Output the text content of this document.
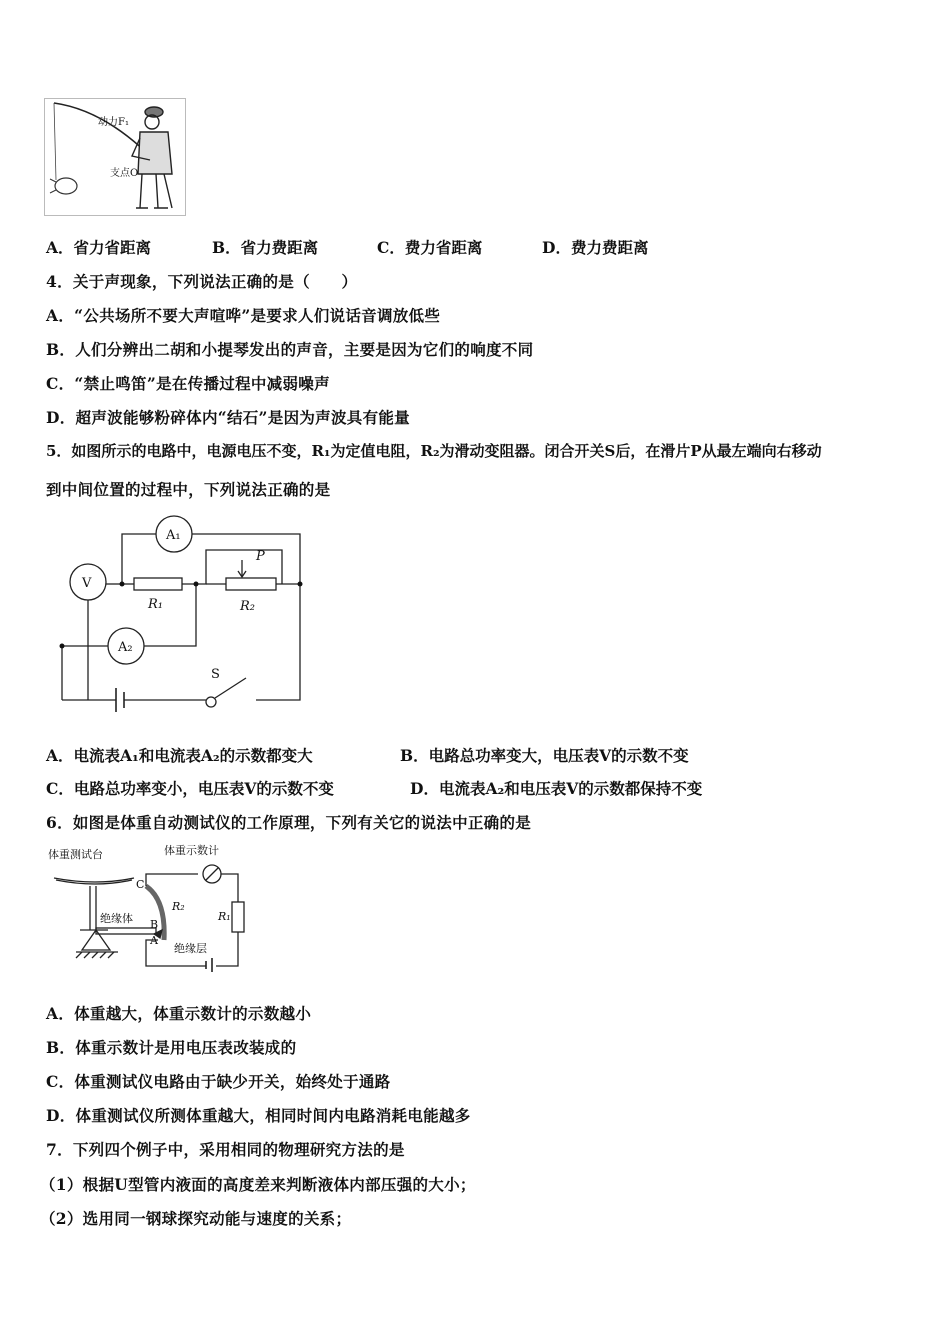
动力F₁
支点O
A．省力省距离	B．省力费距离	C．费力省距离	D．费力费距离
4．关于声现象，下列说法正确的是（　　）
A．“公共场所不要大声喧哗”是要求人们说话音调放低些
B．人们分辨出二胡和小提琴发出的声音，主要是因为它们的响度不同
C．“禁止鸣笛”是在传播过程中减弱噪声
D．超声波能够粉碎体内“结石”是因为声波具有能量
5．如图所示的电路中，电源电压不变，R₁为定值电阻，R₂为滑动变阻器。闭合开关S后，在滑片P从最左端向右移动
到中间位置的过程中，下列说法正确的是
A₁
V
A₂
R₁	R₂
P
S
A．电流表A₁和电流表A₂的示数都变大	B．电路总功率变大，电压表V的示数不变
C．电路总功率变小，电压表V的示数不变	D．电流表A₂和电压表V的示数都保持不变
6．如图是体重自动测试仪的工作原理，下列有关它的说法中正确的是
体重测试台	体重示数计
绝缘体
绝缘层
R₂
R₁
C
B
A
A．体重越大，体重示数计的示数越小
B．体重示数计是用电压表改装成的
C．体重测试仪电路由于缺少开关，始终处于通路
D．体重测试仪所测体重越大，相同时间内电路消耗电能越多
7．下列四个例子中，采用相同的物理研究方法的是
（1）根据U型管内液面的高度差来判断液体内部压强的大小；
（2）选用同一钢球探究动能与速度的关系；
